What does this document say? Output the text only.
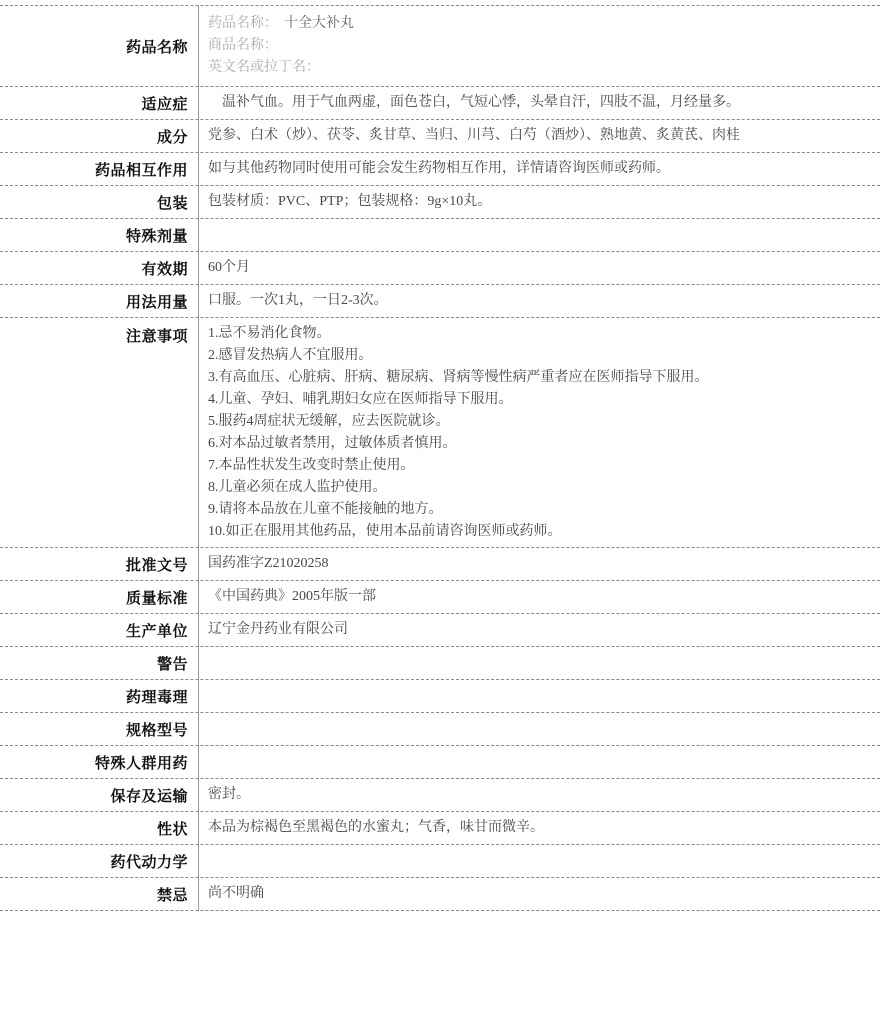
药品名称
药品名称： 十全大补丸
商品名称：
英文名或拉丁名：
适应症	温补气血。用于气血两虚，面色苍白，气短心悸，头晕自汗，四肢不温，月经量多。
成分	党参、白术（炒）、茯苓、炙甘草、当归、川芎、白芍（酒炒）、熟地黄、炙黄芪、肉桂
药品相互作用	如与其他药物同时使用可能会发生药物相互作用，详情请咨询医师或药师。
包装	包装材质：PVC、PTP；包装规格：9g×10丸。
特殊剂量
有效期	60个月
用法用量	口服。一次1丸，一日2-3次。
注意事项	1.忌不易消化食物。
2.感冒发热病人不宜服用。
3.有高血压、心脏病、肝病、糖尿病、肾病等慢性病严重者应在医师指导下服用。
4.儿童、孕妇、哺乳期妇女应在医师指导下服用。
5.服药4周症状无缓解，应去医院就诊。
6.对本品过敏者禁用，过敏体质者慎用。
7.本品性状发生改变时禁止使用。
8.儿童必须在成人监护使用。
9.请将本品放在儿童不能接触的地方。
10.如正在服用其他药品，使用本品前请咨询医师或药师。
批准文号	国药准字Z21020258
质量标准	《中国药典》2005年版一部
生产单位	辽宁金丹药业有限公司
警告
药理毒理
规格型号
特殊人群用药
保存及运输	密封。
性状	本品为棕褐色至黑褐色的水蜜丸；气香，味甘而微辛。
药代动力学
禁忌	尚不明确
